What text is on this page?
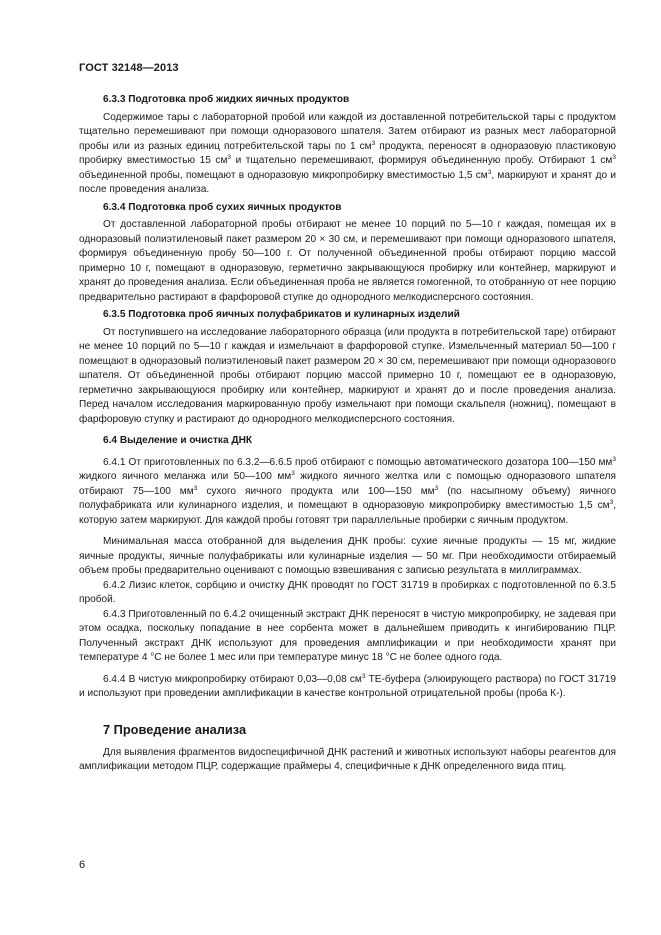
ГОСТ 32148—2013
6.3.3 Подготовка проб жидких яичных продуктов

Содержимое тары с лабораторной пробой или каждой из доставленной потребительской тары с продуктом тщательно перемешивают при помощи одноразового шпателя. Затем отбирают из разных мест лабораторной пробы или из разных единиц потребительской тары по 1 $см^3$ продукта, переносят в одноразовую пластиковую пробирку вместимостью 15 $см^3$ и тщательно перемешивают, формируя объединенную пробу. Отбирают 1 $см^3$ объединенной пробы, помещают в одноразовую микропробирку вместимостью 1,5 $см^3$, маркируют и хранят до и после проведения анализа.

6.3.4 Подготовка проб сухих яичных продуктов

От доставленной лабораторной пробы отбирают не менее 10 порций по 5—10 г каждая, помещая их в одноразовый полиэтиленовый пакет размером 20 × 30 см, и перемешивают при помощи одноразового шпателя, формируя объединенную пробу 50—100 г. От полученной объединенной пробы отбирают порцию массой примерно 10 г, помещают в одноразовую, герметично закрывающуюся пробирку или контейнер, маркируют и хранят до проведения анализа. Если объединенная проба не является гомогенной, то отобранную от нее порцию предварительно растирают в фарфоровой ступке до однородного мелкодисперсного состояния.

6.3.5 Подготовка проб яичных полуфабрикатов и кулинарных изделий

От поступившего на исследование лабораторного образца (или продукта в потребительской таре) отбирают не менее 10 порций по 5—10 г каждая и измельчают в фарфоровой ступке. Измельченный материал 50—100 г помещают в одноразовый полиэтиленовый пакет размером 20 × 30 см, перемешивают при помощи одноразового шпателя. От объединенной пробы отбирают порцию массой примерно 10 г, помещают ее в одноразовую, герметично закрывающуюся пробирку или контейнер, маркируют и хранят до и после проведения анализа. Перед началом исследования маркированную пробу измельчают при помощи скальпеля (ножниц), помещают в фарфоровую ступку и растирают до однородного мелкодисперсного состояния.

6.4 Выделение и очистка ДНК

6.4.1 От приготовленных по 6.3.2—6.6.5 проб отбирают с помощью автоматического дозатора 100—150 $мм^3$ жидкого яичного меланжа или 50—100 $мм^3$ жидкого яичного желтка или с помощью одноразового шпателя отбирают 75—100 $мм^3$ сухого яичного продукта или 100—150 $мм^3$ (по насыпному объему) яичного полуфабриката или кулинарного изделия, и помещают в одноразовую микропробирку вместимостью 1,5 $см^3$, которую затем маркируют. Для каждой пробы готовят три параллельные пробирки с яичным продуктом.

Минимальная масса отобранной для выделения ДНК пробы: сухие яичные продукты — 15 мг, жидкие яичные продукты, яичные полуфабрикаты или кулинарные изделия — 50 мг. При необходимости отбираемый объем пробы предварительно оценивают с помощью взвешивания с записью результата в миллиграммах.

6.4.2 Лизис клеток, сорбцию и очистку ДНК проводят по ГОСТ 31719 в пробирках с подготовленной по 6.3.5 пробой.

6.4.3 Приготовленный по 6.4.2 очищенный экстракт ДНК переносят в чистую микропробирку, не задевая при этом осадка, поскольку попадание в нее сорбента может в дальнейшем приводить к ингибированию ПЦР. Полученный экстракт ДНК используют для проведения амплификации и при необходимости хранят при температуре 4 °С не более 1 мес или при температуре минус 18 °С не более одного года.

6.4.4 В чистую микропробирку отбирают 0,03—0,08 $см^3$ ТЕ-буфера (элюирующего раствора) по ГОСТ 31719 и используют при проведении амплификации в качестве контрольной отрицательной пробы (проба К-).

7 Проведение анализа

Для выявления фрагментов видоспецифичной ДНК растений и животных используют наборы реагентов для амплификации методом ПЦР, содержащие праймеры 4, специфичные к ДНК определенного вида птиц.

6
